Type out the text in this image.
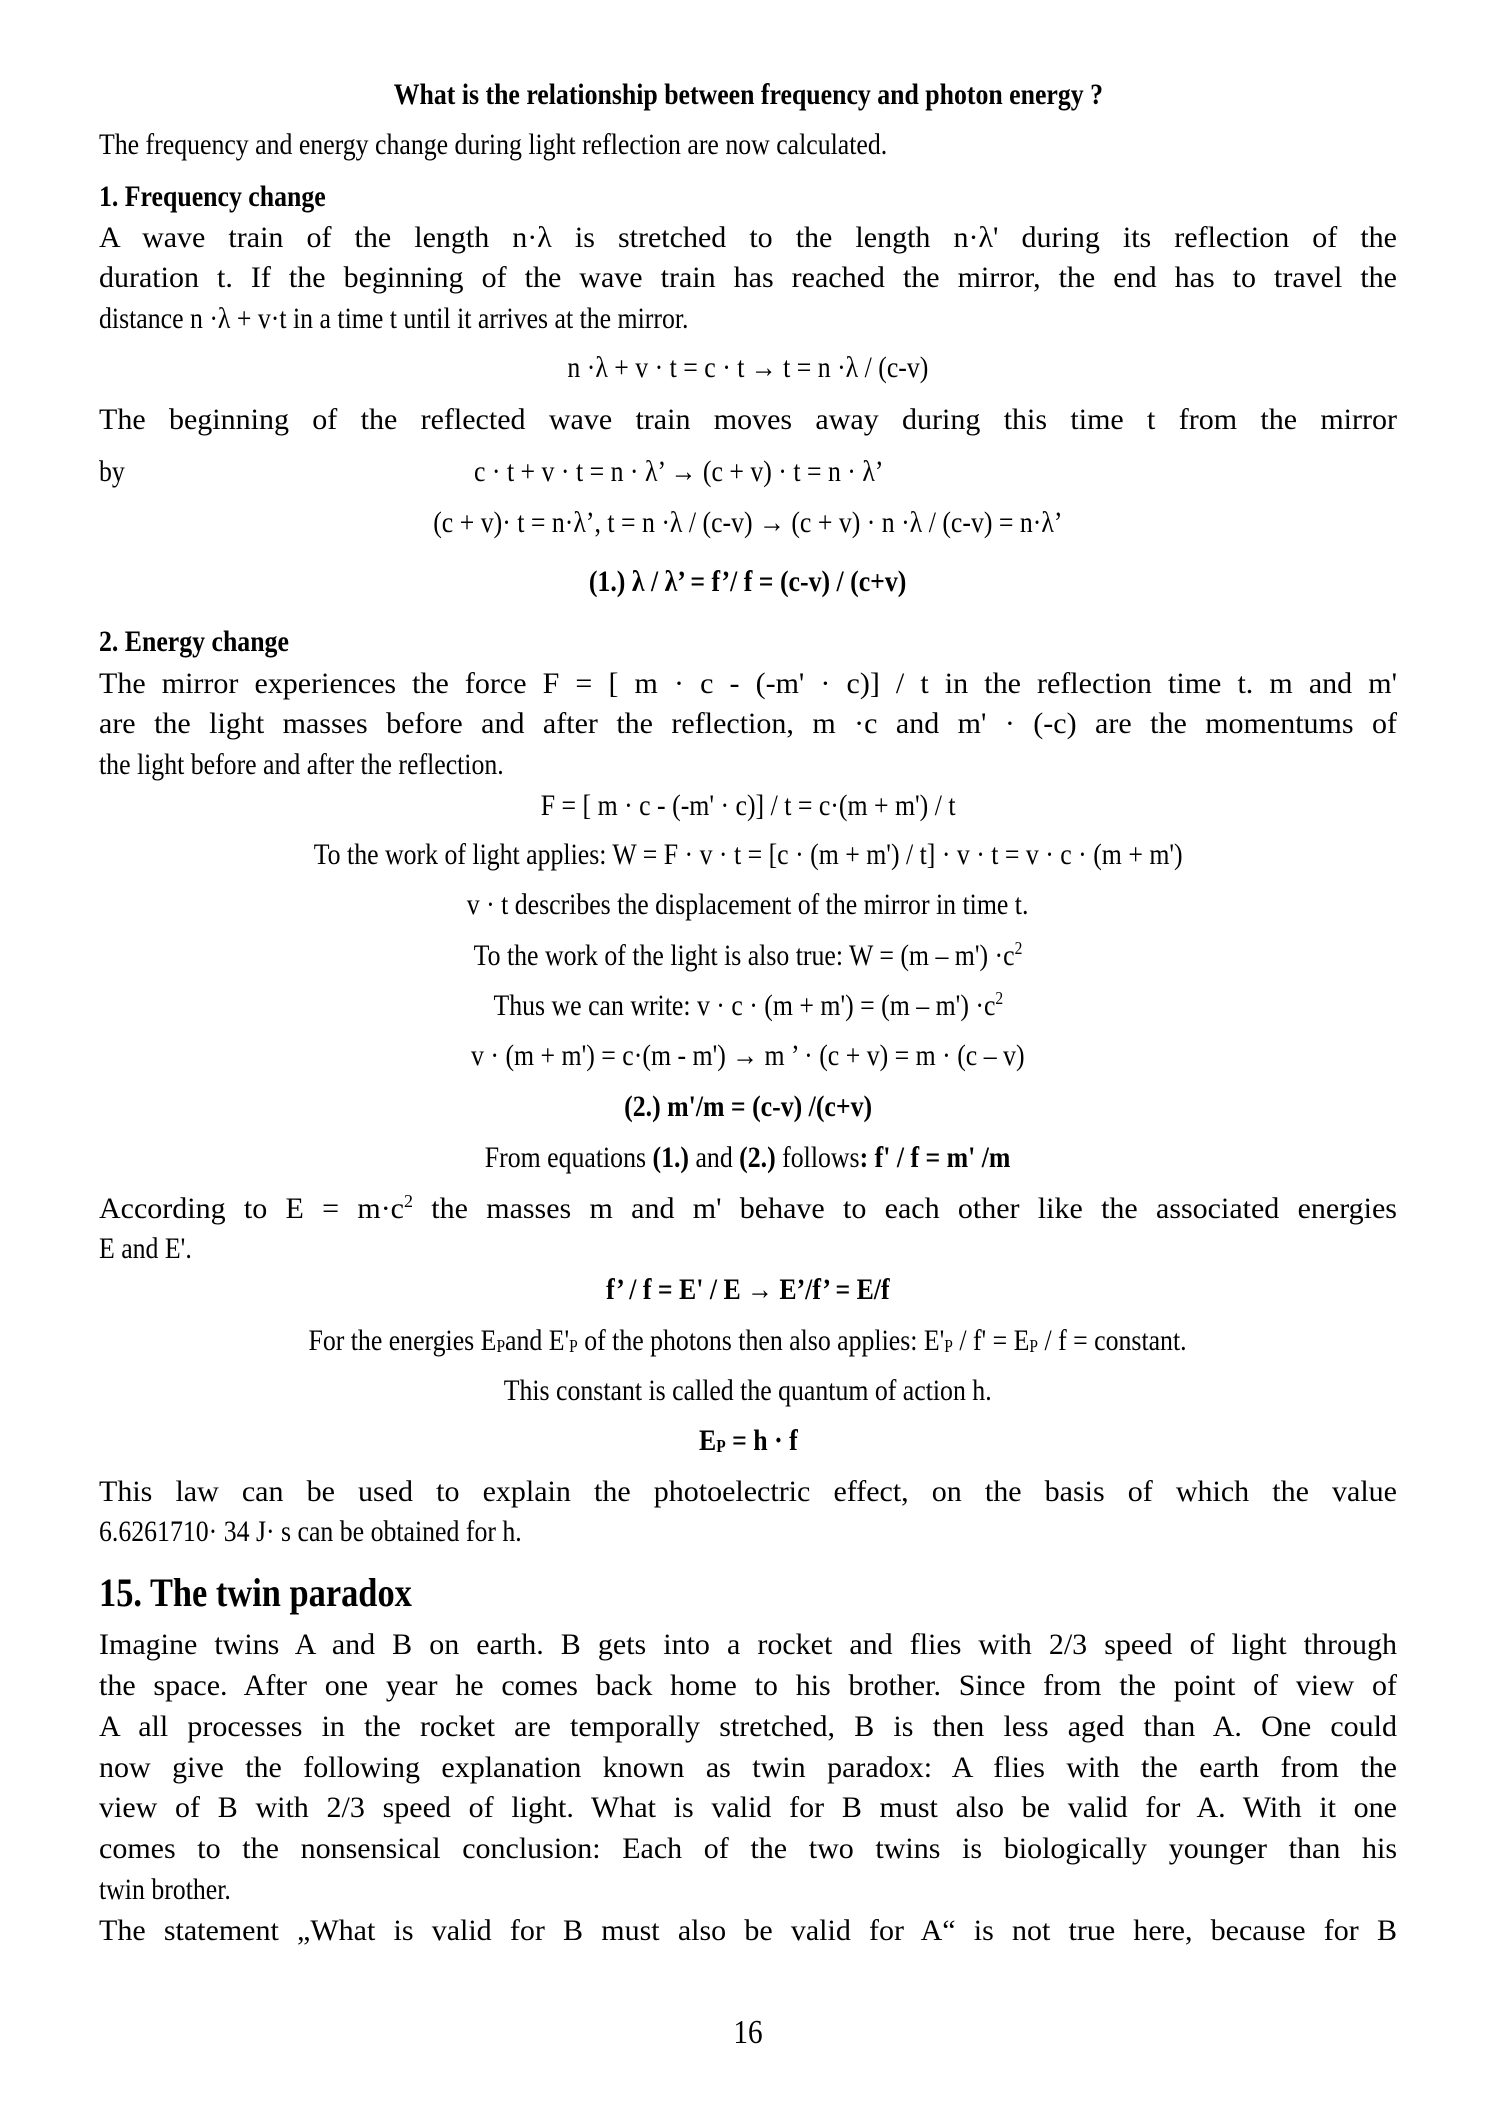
What is the relationship between frequency and photon energy ?
The frequency and energy change during light reflection are now calculated.
1. Frequency change
A wave train of the length n·λ is stretched to the length n·λ' during its reflection of the
duration t. If the beginning of the wave train has reached the mirror, the end has to travel the
distance n ·λ + v·t in a time t until it arrives at the mirror.
n ·λ + v · t = c · t → t = n ·λ / (c-v)
The beginning of the reflected wave train moves away during this time t from the mirror
by	c · t + v · t = n · λ’ → (c + v) · t = n · λ’
(c + v)· t = n·λ’, t = n ·λ / (c-v) → (c + v) · n ·λ / (c-v) = n·λ’
(1.) λ / λ’ = f’/ f = (c-v) / (c+v)
2. Energy change
The mirror experiences the force F = [ m · c - (-m' · c)] / t in the reflection time t. m and m'
are the light masses before and after the reflection, m ·c and m' · (-c) are the momentums of
the light before and after the reflection.
F = [ m · c - (-m' · c)] / t = c·(m + m') / t
To the work of light applies: W = F · v · t = [c · (m + m') / t] · v · t = v · c · (m + m')
v · t describes the displacement of the mirror in time t.
To the work of the light is also true: $W = (m - m') \cdot c^2$
Thus we can write: $v \cdot c \cdot (m + m') = (m - m') \cdot c^2$
v · (m + m') = c·(m - m') → m ’ · (c + v) = m · (c – v)
(2.) m'/m = (c-v) /(c+v)
From equations (1.) and (2.) follows: f' / f = m' /m
According to $E = m\cdot c^2$ the masses m and m' behave to each other like the associated energies
E and E'.
f’ / f = E' / E → E’/f’ = E/f
For the energies $E_Pand$ $E'_P$ of the photons then also applies: $E'_P / f' = E_P / f$ = constant.
This constant is called the quantum of action h.
$E_P = h \cdot f$
This law can be used to explain the photoelectric effect, on the basis of which the value
6.6261710· 34 J· s can be obtained for h.
15. The twin paradox
Imagine twins A and B on earth. B gets into a rocket and flies with 2/3 speed of light through
the space. After one year he comes back home to his brother. Since from the point of view of
A all processes in the rocket are temporally stretched, B is then less aged than A. One could
now give the following explanation known as twin paradox: A flies with the earth from the
view of B with 2/3 speed of light. What is valid for B must also be valid for A. With it one
comes to the nonsensical conclusion: Each of the two twins is biologically younger than his
twin brother.
The statement „What is valid for B must also be valid for A“ is not true here, because for B
16
